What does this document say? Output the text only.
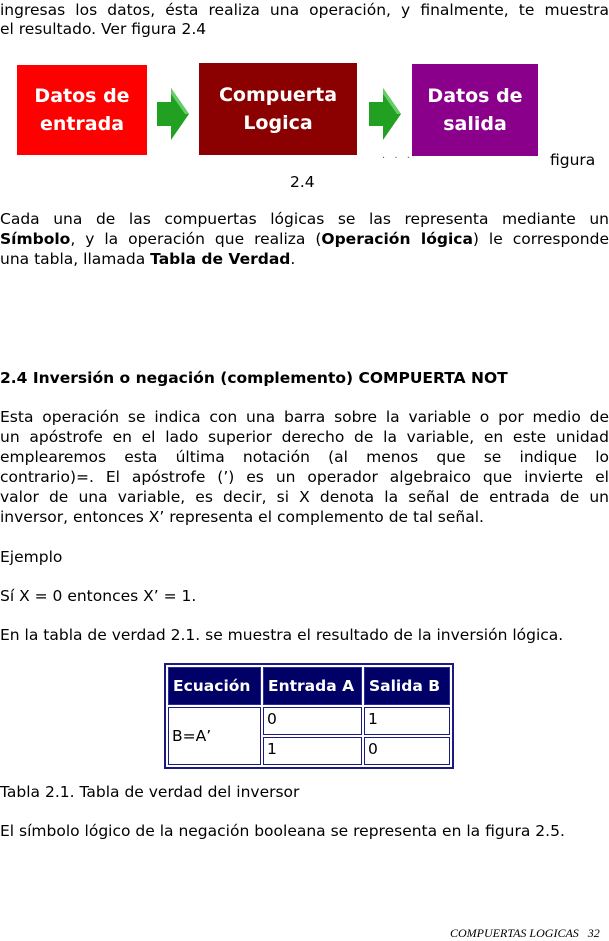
ingresas los datos, ésta realiza una operación, y finalmente, te muestra
el resultado. Ver figura 2.4
Datos de
entrada
Compuerta
Logica
Datos de
salida
. . .	figura
2.4
Cada una de las compuertas lógicas se las representa mediante un
Símbolo, y la operación que realiza (Operación lógica) le corresponde
una tabla, llamada Tabla de Verdad.
2.4 Inversión o negación (complemento) COMPUERTA NOT
Esta operación se indica con una barra sobre la variable o por medio de
un apóstrofe en el lado superior derecho de la variable, en este unidad
emplearemos esta última notación (al menos que se indique lo
contrario)=. El apóstrofe (’) es un operador algebraico que invierte el
valor de una variable, es decir, si X denota la señal de entrada de un
inversor, entonces X’ representa el complemento de tal señal.
Ejemplo
Sí X = 0 entonces X’ = 1.
En la tabla de verdad 2.1. se muestra el resultado de la inversión lógica.
Ecuación	Entrada A	Salida B
B=A’	0	1
	1	0
Tabla 2.1. Tabla de verdad del inversor
El símbolo lógico de la negación booleana se representa en la figura 2.5.
COMPUERTAS LOGICAS 32
